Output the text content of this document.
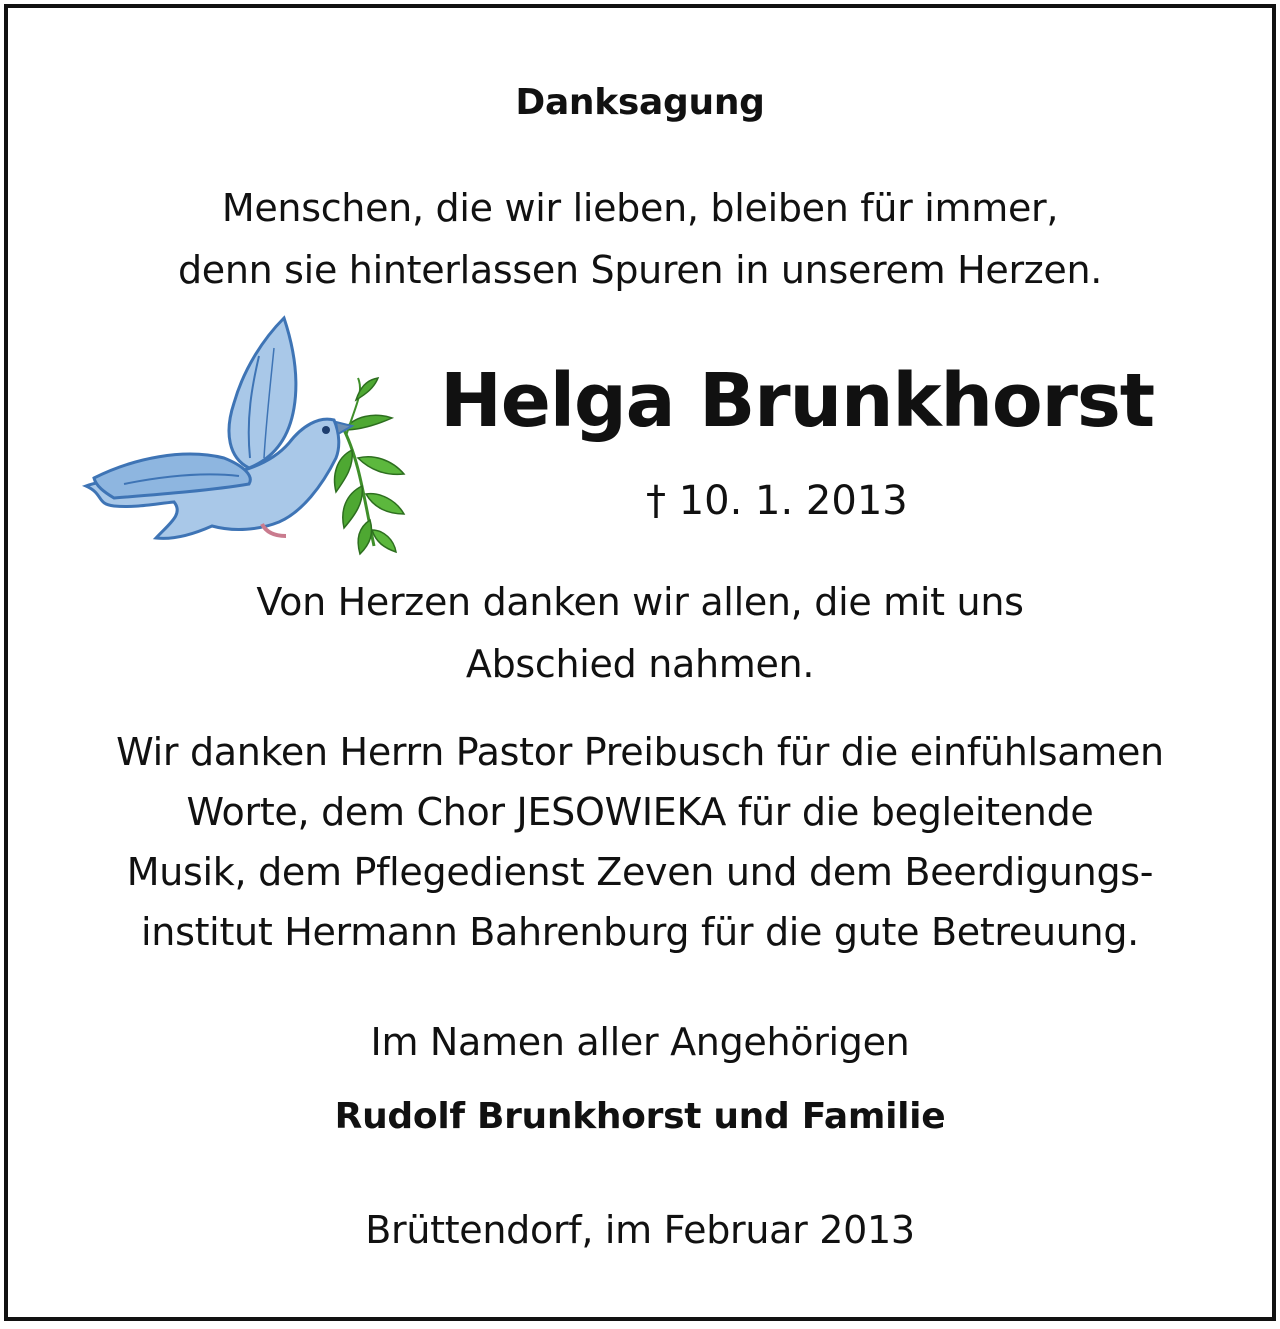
Danksagung
Menschen, die wir lieben, bleiben für immer,
denn sie hinterlassen Spuren in unserem Herzen.
Helga Brunkhorst
† 10. 1. 2013
Von Herzen danken wir allen, die mit uns
Abschied nahmen.
Wir danken Herrn Pastor Preibusch für die einfühlsamen
Worte, dem Chor JESOWIEKA für die begleitende
Musik, dem Pflegedienst Zeven und dem Beerdigungs-
institut Hermann Bahrenburg für die gute Betreuung.
Im Namen aller Angehörigen
Rudolf Brunkhorst und Familie
Brüttendorf, im Februar 2013
